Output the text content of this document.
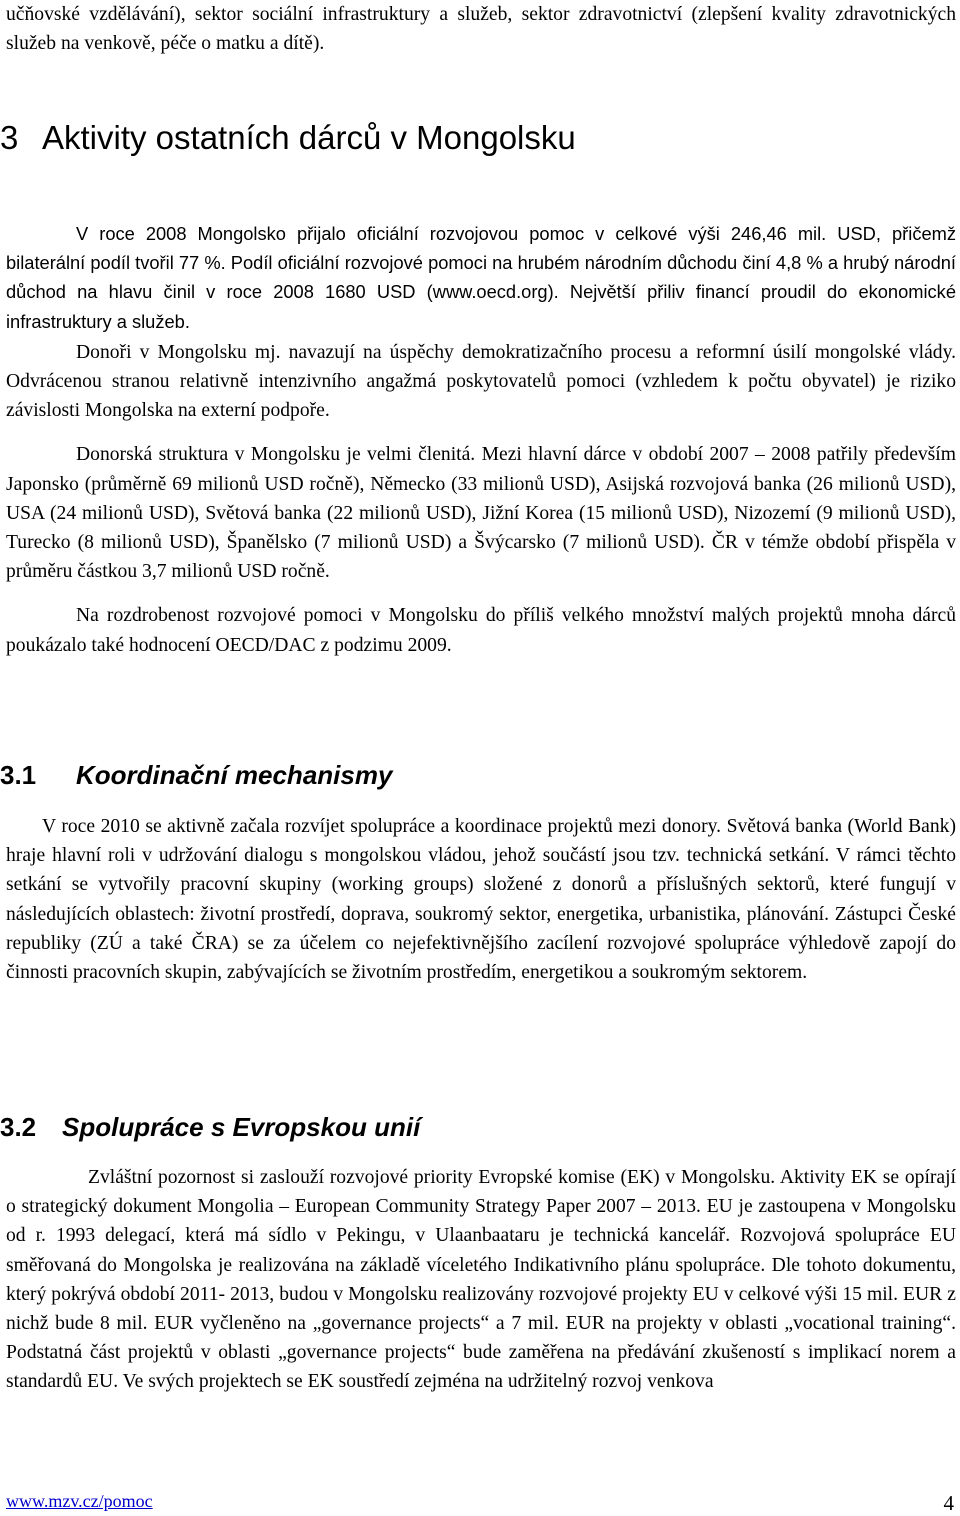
učňovské vzdělávání), sektor sociální infrastruktury a služeb, sektor zdravotnictví (zlepšení kvality zdravotnických služeb na venkově, péče o matku a dítě).

3 Aktivity ostatních dárců v Mongolsku

V roce 2008 Mongolsko přijalo oficiální rozvojovou pomoc v celkové výši 246,46 mil. USD, přičemž bilaterální podíl tvořil 77 %. Podíl oficiální rozvojové pomoci na hrubém národním důchodu činí 4,8 % a hrubý národní důchod na hlavu činil v roce 2008 1680 USD (www.oecd.org). Největší přiliv financí proudil do ekonomické infrastruktury a služeb.

Donoři v Mongolsku mj. navazují na úspěchy demokratizačního procesu a reformní úsilí mongolské vlády. Odvrácenou stranou relativně intenzivního angažmá poskytovatelů pomoci (vzhledem k počtu obyvatel) je riziko závislosti Mongolska na externí podpoře.

Donorská struktura v Mongolsku je velmi členitá. Mezi hlavní dárce v období 2007 – 2008 patřily především Japonsko (průměrně 69 milionů USD ročně), Německo (33 milionů USD), Asijská rozvojová banka (26 milionů USD), USA (24 milionů USD), Světová banka (22 milionů USD), Jižní Korea (15 milionů USD), Nizozemí (9 milionů USD), Turecko (8 milionů USD), Španělsko (7 milionů USD) a Švýcarsko (7 milionů USD). ČR v témže období přispěla v průměru částkou 3,7 milionů USD ročně.

Na rozdrobenost rozvojové pomoci v Mongolsku do příliš velkého množství malých projektů mnoha dárců poukázalo také hodnocení OECD/DAC z podzimu 2009.

3.1 Koordinační mechanismy

V roce 2010 se aktivně začala rozvíjet spolupráce a koordinace projektů mezi donory. Světová banka (World Bank) hraje hlavní roli v udržování dialogu s mongolskou vládou, jehož součástí jsou tzv. technická setkání. V rámci těchto setkání se vytvořily pracovní skupiny (working groups) složené z donorů a příslušných sektorů, které fungují v následujících oblastech: životní prostředí, doprava, soukromý sektor, energetika, urbanistika, plánování. Zástupci České republiky (ZÚ a také ČRA) se za účelem co nejefektivnějšího zacílení rozvojové spolupráce výhledově zapojí do činnosti pracovních skupin, zabývajících se životním prostředím, energetikou a soukromým sektorem.

3.2 Spolupráce s Evropskou unií

Zvláštní pozornost si zaslouží rozvojové priority Evropské komise (EK) v Mongolsku. Aktivity EK se opírají o strategický dokument Mongolia – European Community Strategy Paper 2007 – 2013. EU je zastoupena v Mongolsku od r. 1993 delegací, která má sídlo v Pekingu, v Ulaanbaataru je technická kancelář. Rozvojová spolupráce EU směřovaná do Mongolska je realizována na základě víceletého Indikativního plánu spolupráce. Dle tohoto dokumentu, který pokrývá období 2011- 2013, budou v Mongolsku realizovány rozvojové projekty EU v celkové výši 15 mil. EUR z nichž bude 8 mil. EUR vyčleněno na „governance projects“ a 7 mil. EUR na projekty v oblasti „vocational training“. Podstatná část projektů v oblasti „governance projects“ bude zaměřena na předávání zkušeností s implikací norem a standardů EU. Ve svých projektech se EK soustředí zejména na udržitelný rozvoj venkova

www.mzv.cz/pomoc	4
